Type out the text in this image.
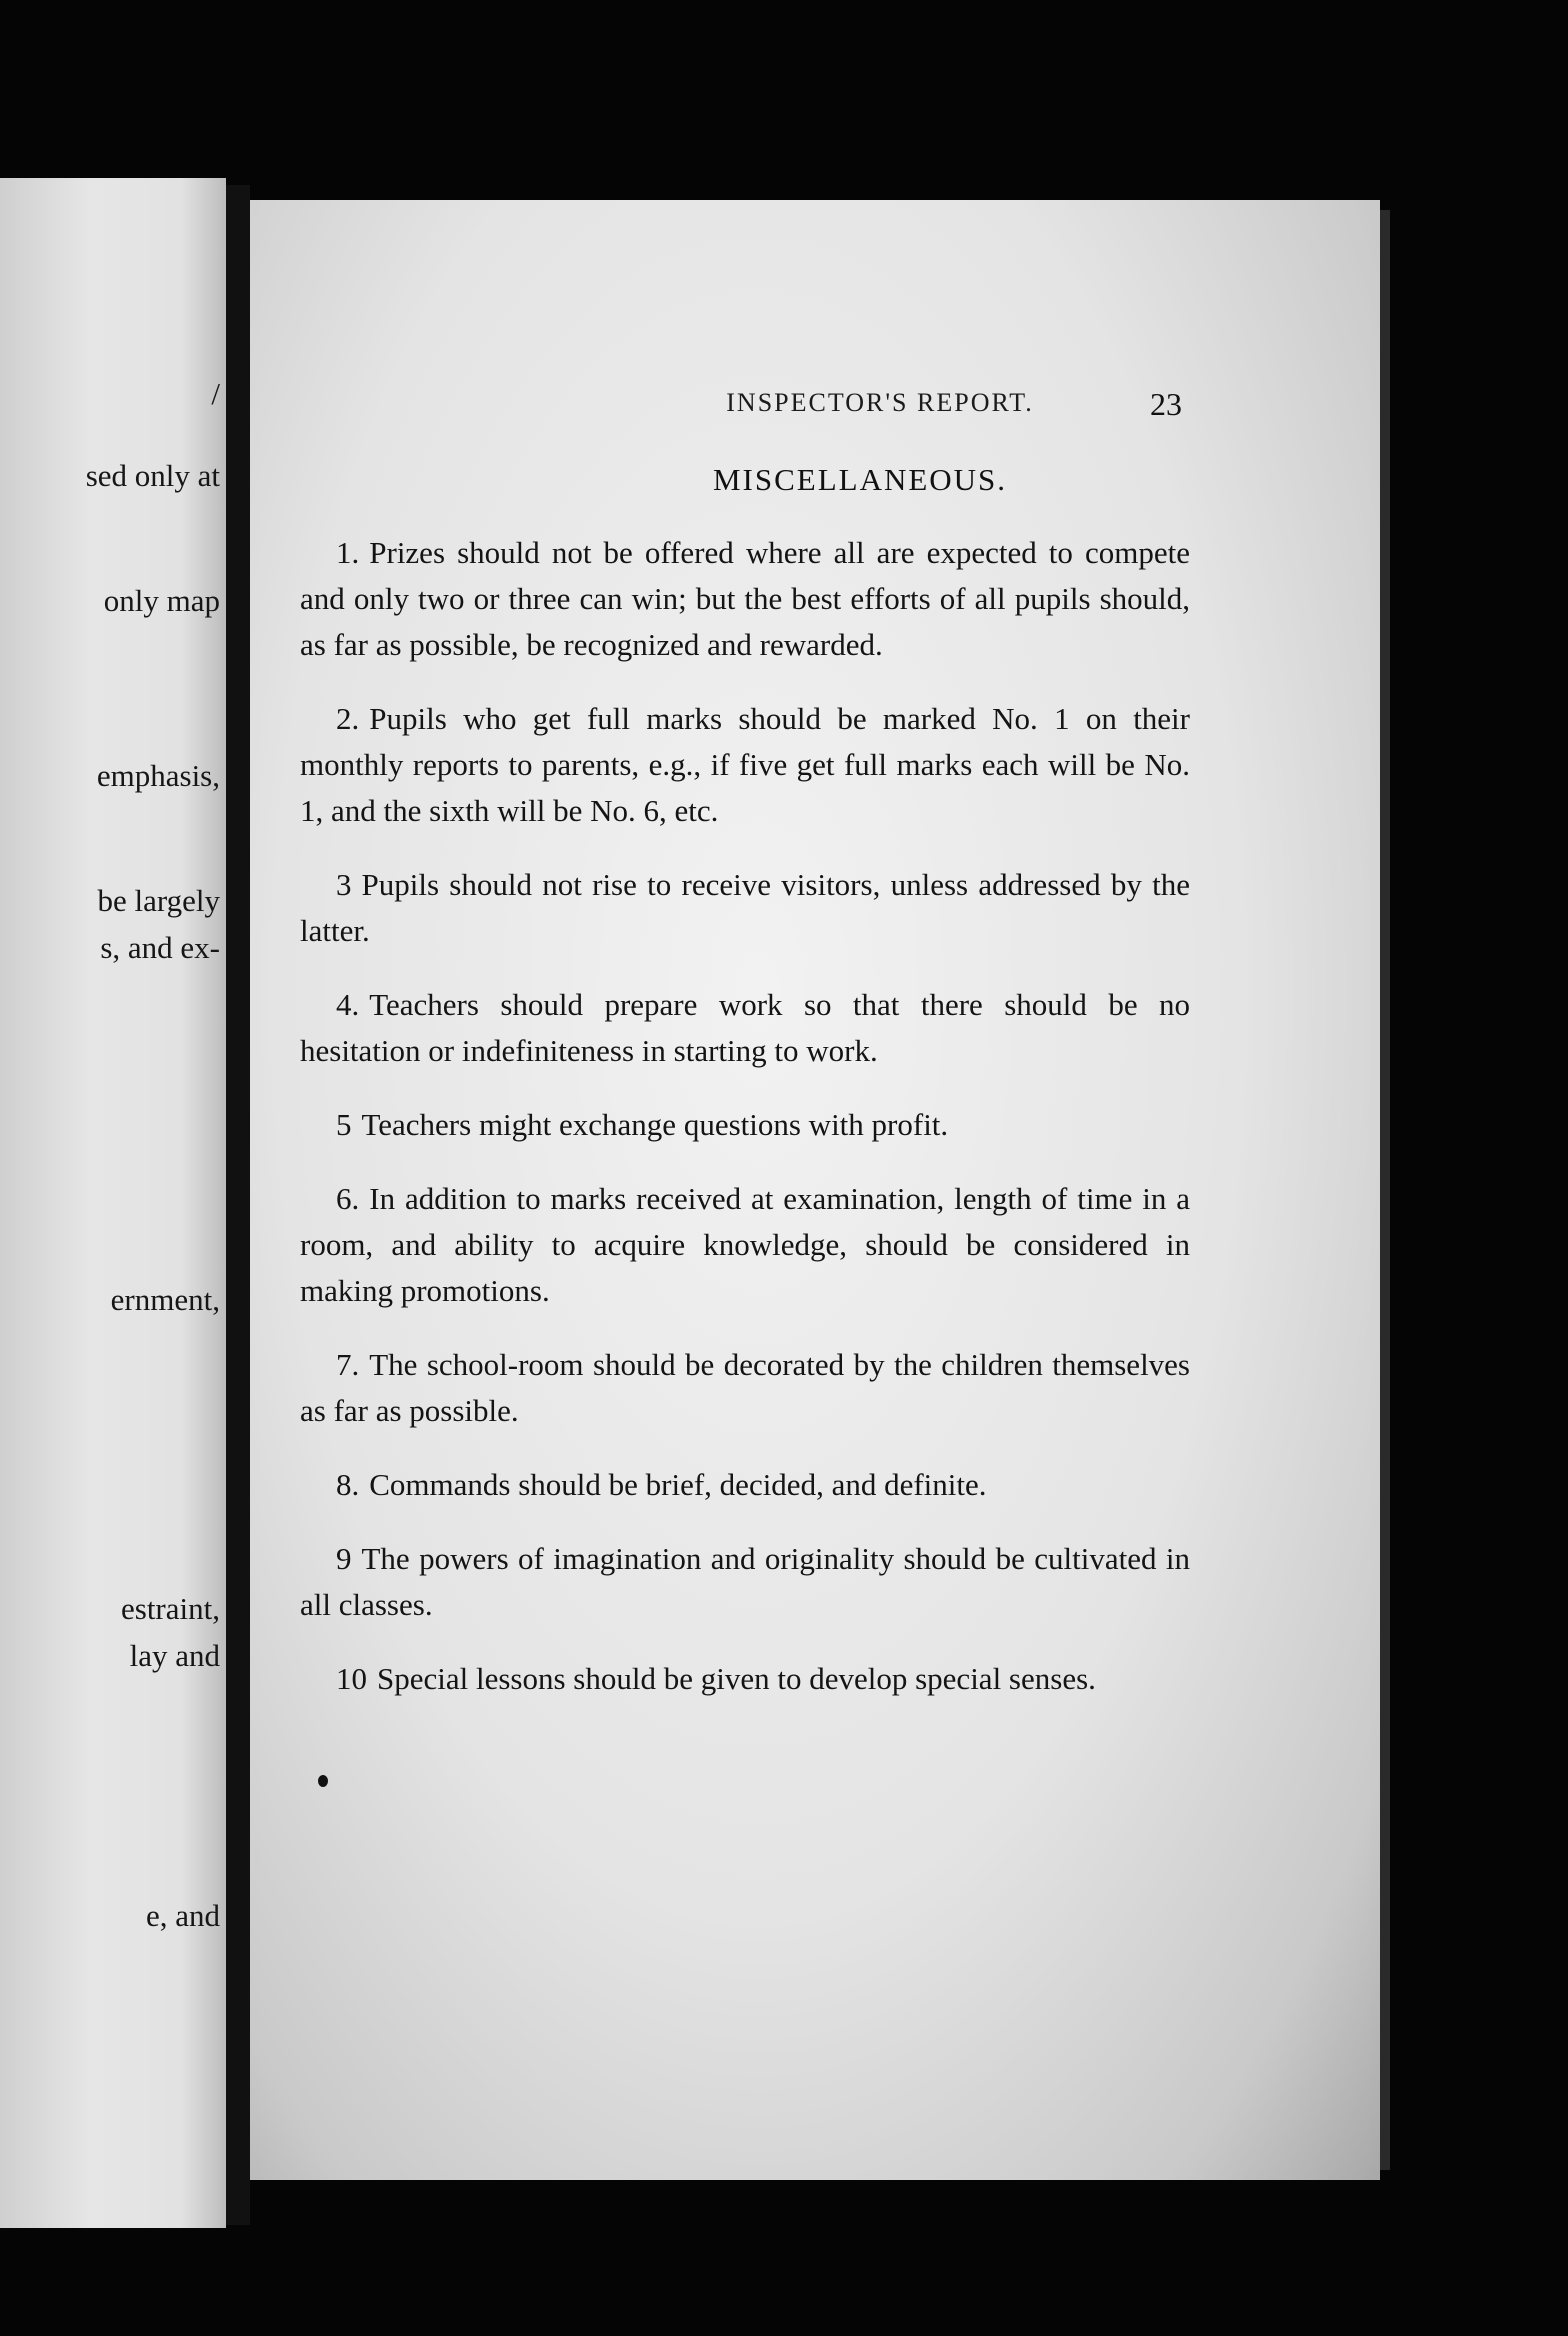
/
sed only at
only map
emphasis,
be largely
s, and ex-
ernment,
estraint,
lay and
e, and
INSPECTOR'S REPORT.	23
MISCELLANEOUS.

1. Prizes should not be offered where all are expected to compete and only two or three can win; but the best efforts of all pupils should, as far as possible, be recognized and rewarded.

2. Pupils who get full marks should be marked No. 1 on their monthly reports to parents, e.g., if five get full marks each will be No. 1, and the sixth will be No. 6, etc.

3 Pupils should not rise to receive visitors, unless addressed by the latter.

4. Teachers should prepare work so that there should be no hesitation or indefiniteness in starting to work.

5 Teachers might exchange questions with profit.

6. In addition to marks received at examination, length of time in a room, and ability to acquire knowledge, should be considered in making promotions.

7. The school-room should be decorated by the children themselves as far as possible.

8. Commands should be brief, decided, and definite.

9 The powers of imagination and originality should be cultivated in all classes.

10 Special lessons should be given to develop special senses.
